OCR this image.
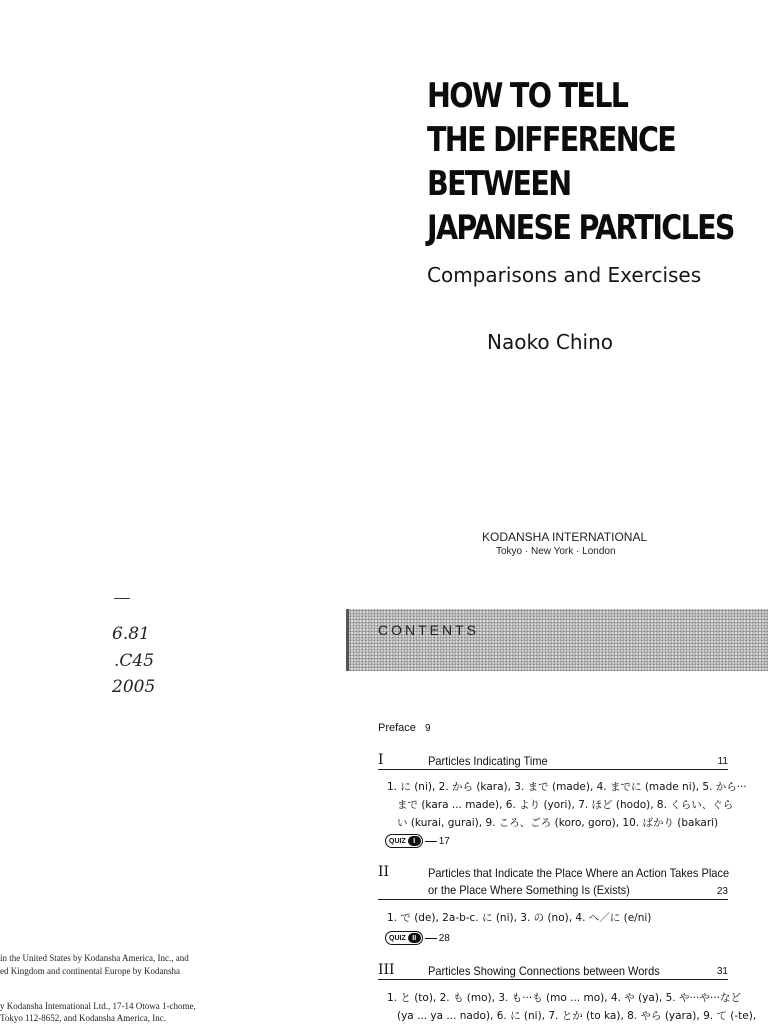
HOW TO TELL
THE DIFFERENCE
BETWEEN
JAPANESE PARTICLES
Comparisons and Exercises
Naoko Chino
KODANSHA INTERNATIONAL
Tokyo · New York · London
6.81
.C45
2005
CONTENTS
Preface 9
I	Particles Indicating Time	11
1. に (ni), 2. から (kara), 3. まで (made), 4. までに (made ni), 5. から···
まで (kara ... made), 6. より (yori), 7. ほど (hodo), 8. くらい、ぐら
い (kurai, gurai), 9. ころ、ごろ (koro, goro), 10. ばかり (bakari)
QUIZ	I	17
II	Particles that Indicate the Place Where an Action Takes Place
or the Place Where Something Is (Exists)	23
1. で (de), 2a-b-c. に (ni), 3. の (no), 4. へ／に (e/ni)
QUIZ II	28
III	Particles Showing Connections between Words	31
1. と (to), 2. も (mo), 3. も···も (mo ... mo), 4. や (ya), 5. や···や···など
(ya ... ya ... nado), 6. に (ni), 7. とか (to ka), 8. やら (yara), 9. て (-te),
in the United States by Kodansha America, Inc., and
ed Kingdom and continental Europe by Kodansha
y Kodansha International Ltd., 17-14 Otowa 1-chome,
Tokyo 112-8652, and Kodansha America, Inc.
